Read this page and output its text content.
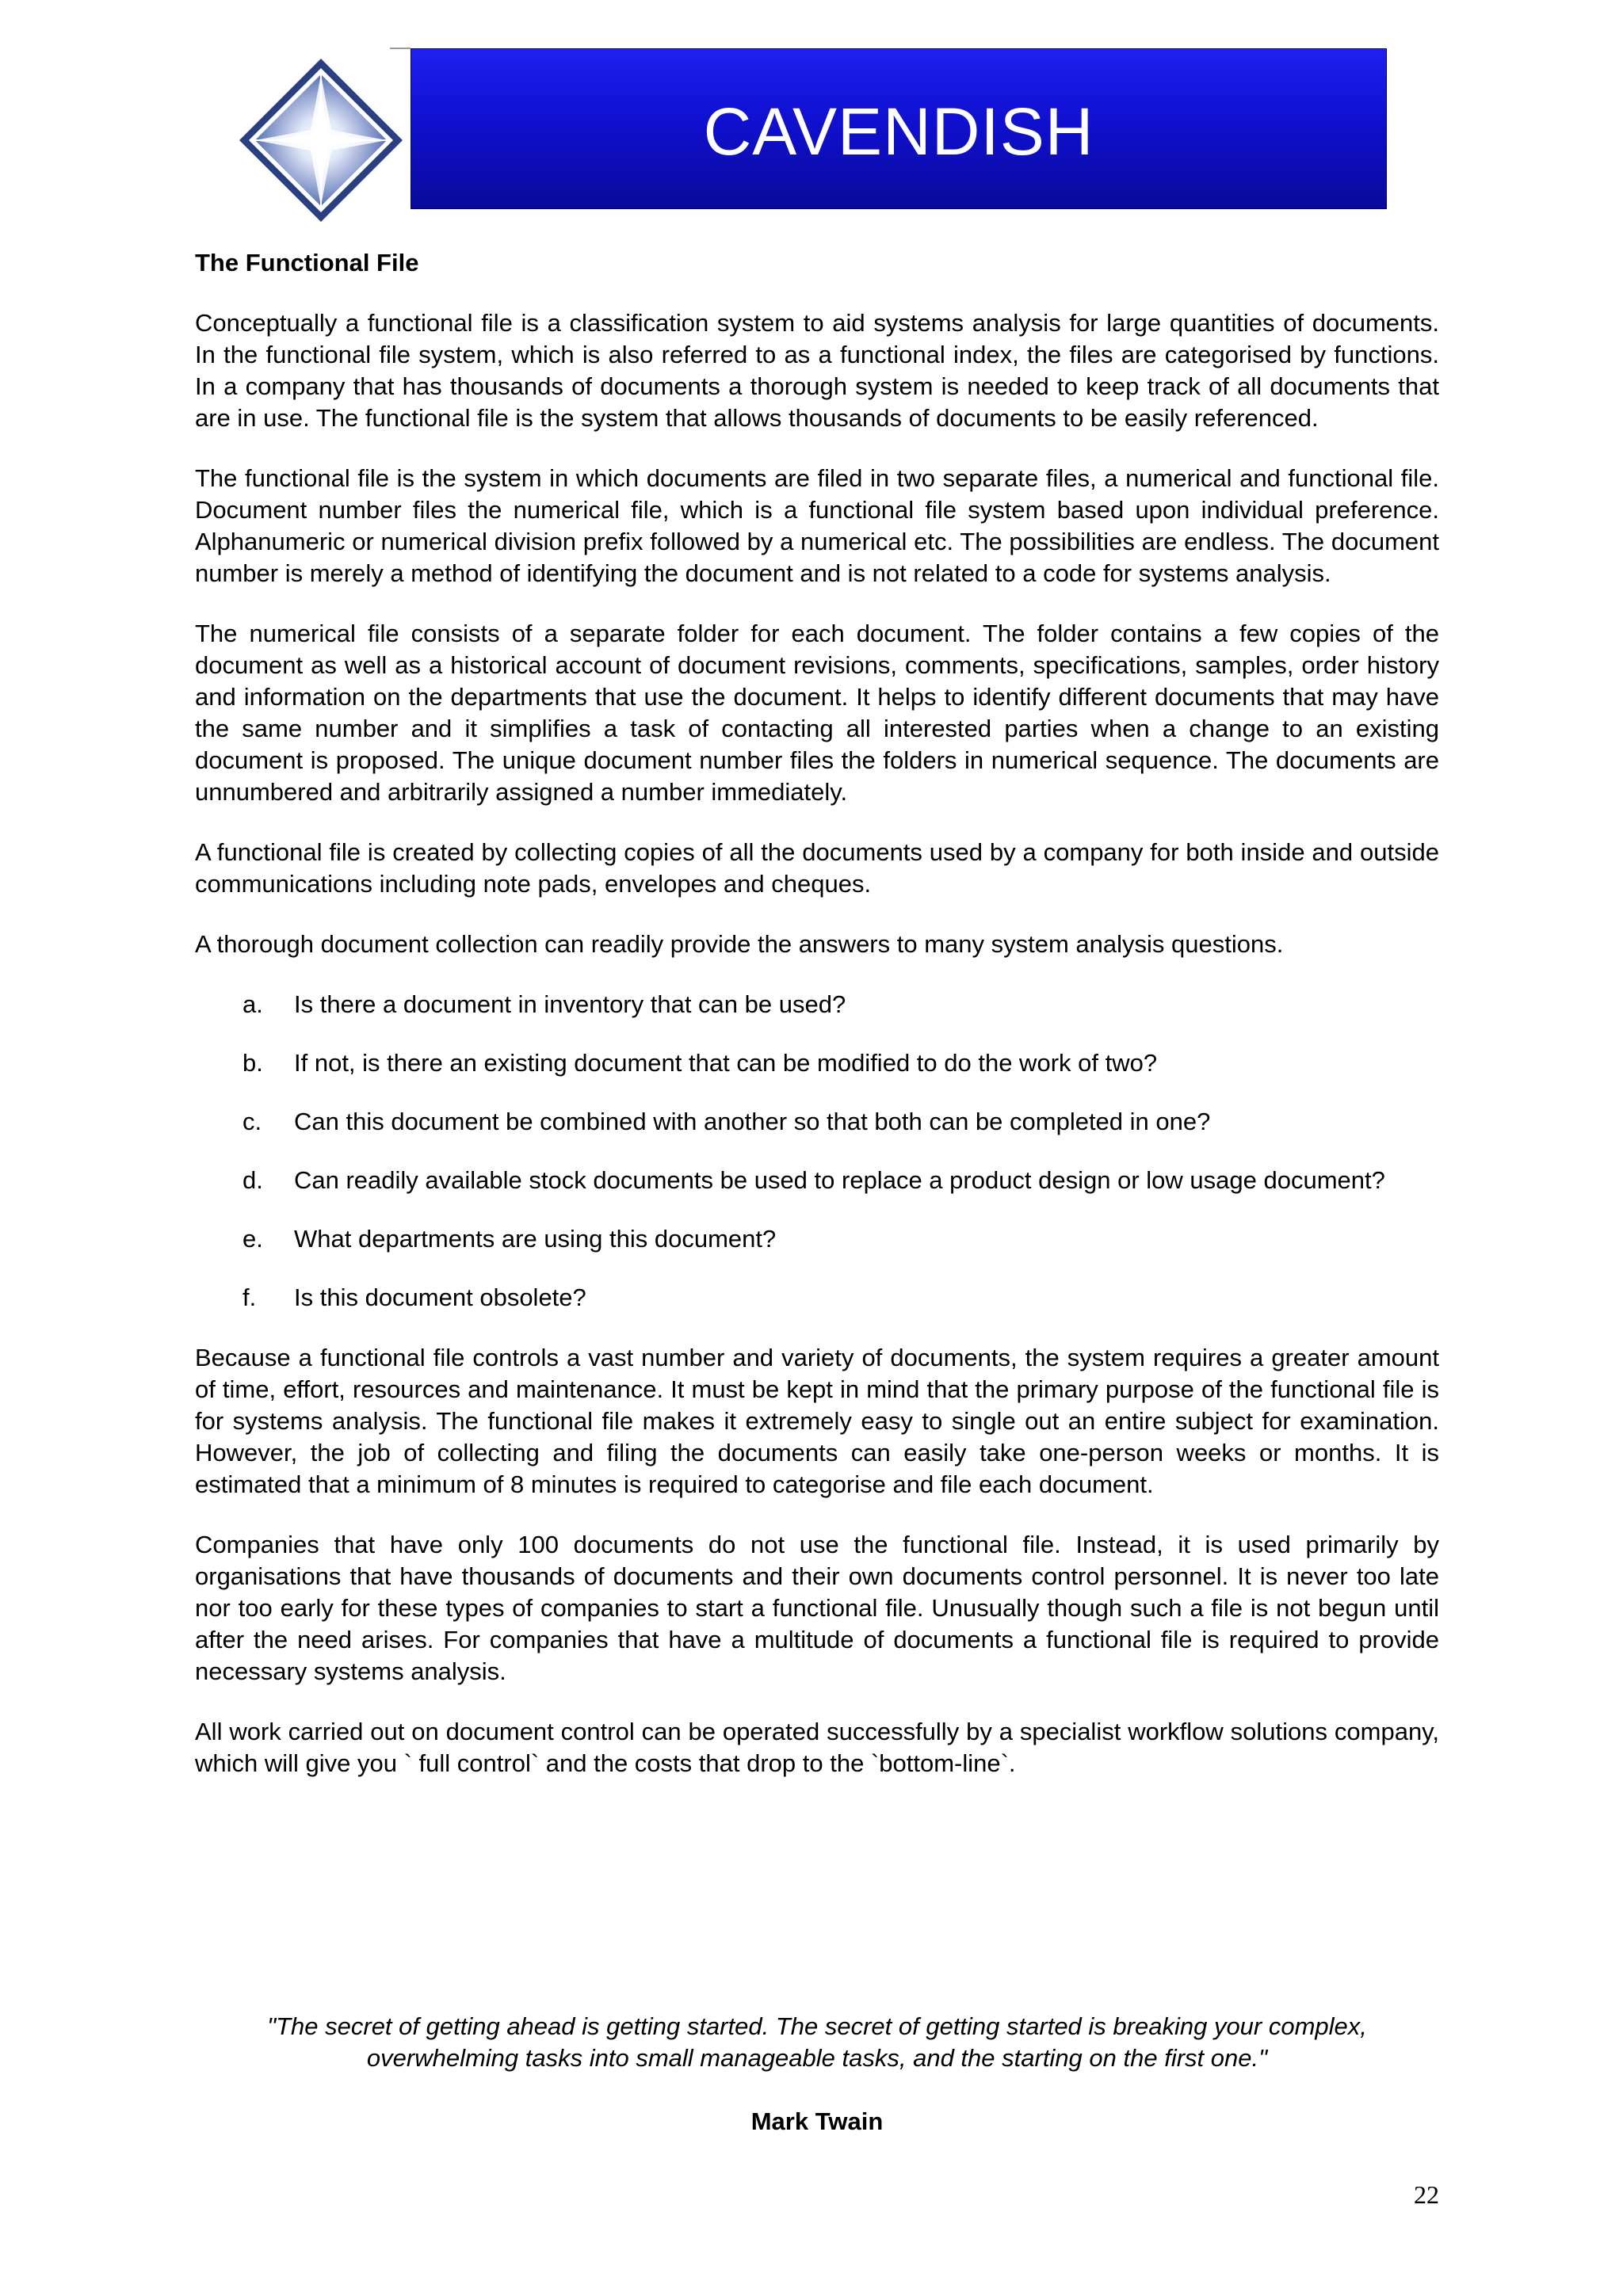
CAVENDISH
The Functional File

Conceptually a functional file is a classification system to aid systems analysis for large quantities of documents. In the functional file system, which is also referred to as a functional index, the files are categorised by functions. In a company that has thousands of documents a thorough system is needed to keep track of all documents that are in use. The functional file is the system that allows thousands of documents to be easily referenced.

The functional file is the system in which documents are filed in two separate files, a numerical and functional file. Document number files the numerical file, which is a functional file system based upon individual preference. Alphanumeric or numerical division prefix followed by a numerical etc. The possibilities are endless. The document number is merely a method of identifying the document and is not related to a code for systems analysis.

The numerical file consists of a separate folder for each document. The folder contains a few copies of the document as well as a historical account of document revisions, comments, specifications, samples, order history and information on the departments that use the document. It helps to identify different documents that may have the same number and it simplifies a task of contacting all interested parties when a change to an existing document is proposed. The unique document number files the folders in numerical sequence. The documents are unnumbered and arbitrarily assigned a number immediately.

A functional file is created by collecting copies of all the documents used by a company for both inside and outside communications including note pads, envelopes and cheques.

A thorough document collection can readily provide the answers to many system analysis questions.

a. Is there a document in inventory that can be used?
b. If not, is there an existing document that can be modified to do the work of two?
c. Can this document be combined with another so that both can be completed in one?
d. Can readily available stock documents be used to replace a product design or low usage document?
e. What departments are using this document?
f. Is this document obsolete?

Because a functional file controls a vast number and variety of documents, the system requires a greater amount of time, effort, resources and maintenance. It must be kept in mind that the primary purpose of the functional file is for systems analysis. The functional file makes it extremely easy to single out an entire subject for examination. However, the job of collecting and filing the documents can easily take one-person weeks or months. It is estimated that a minimum of 8 minutes is required to categorise and file each document.

Companies that have only 100 documents do not use the functional file. Instead, it is used primarily by organisations that have thousands of documents and their own documents control personnel. It is never too late nor too early for these types of companies to start a functional file. Unusually though such a file is not begun until after the need arises. For companies that have a multitude of documents a functional file is required to provide necessary systems analysis.

All work carried out on document control can be operated successfully by a specialist workflow solutions company, which will give you ` full control` and the costs that drop to the `bottom-line`.

"The secret of getting ahead is getting started. The secret of getting started is breaking your complex,
overwhelming tasks into small manageable tasks, and the starting on the first one."
Mark Twain
22
